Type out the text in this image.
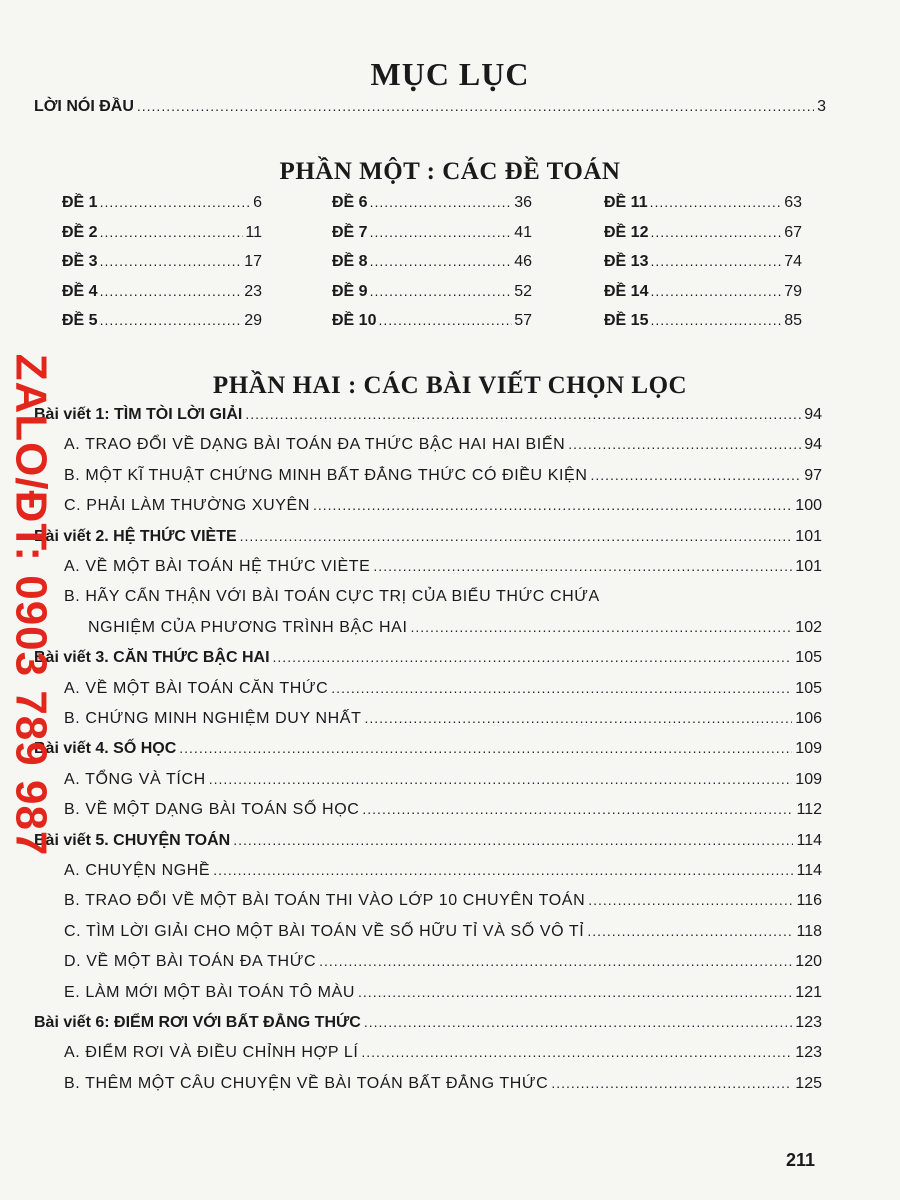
MỤC LỤC
LỜI NÓI ĐẦU .....	3
PHẦN MỘT : CÁC ĐỀ TOÁN
ĐỀ 1 .....	6
ĐỀ 2 .....	11
ĐỀ 3 .....	17
ĐỀ 4 .....	23
ĐỀ 5 .....	29
ĐỀ 6 .....	36
ĐỀ 7 .....	41
ĐỀ 8 .....	46
ĐỀ 9 .....	52
ĐỀ 10 .....	57
ĐỀ 11 .....	63
ĐỀ 12 .....	67
ĐỀ 13 .....	74
ĐỀ 14 .....	79
ĐỀ 15 .....	85
PHẦN HAI : CÁC BÀI VIẾT CHỌN LỌC
Bài viết 1: TÌM TÒI LỜI GIẢI .....	94
A. TRAO ĐỔI VỀ DẠNG BÀI TOÁN ĐA THỨC BẬC HAI HAI BIẾN .....	94
B. MỘT KĨ THUẬT CHỨNG MINH BẤT ĐẲNG THỨC CÓ ĐIỀU KIỆN .....	97
C. PHẢI LÀM THƯỜNG XUYÊN .....	100
Bài viết 2. HỆ THỨC VIÈTE .....	101
A. VỀ MỘT BÀI TOÁN HỆ THỨC VIÈTE .....	101
B. HÃY CẨN THẬN VỚI BÀI TOÁN CỰC TRỊ CỦA BIỂU THỨC CHỨA
NGHIỆM CỦA PHƯƠNG TRÌNH BẬC HAI .....	102
Bài viết 3. CĂN THỨC BẬC HAI .....	105
A. VỀ MỘT BÀI TOÁN CĂN THỨC .....	105
B. CHỨNG MINH NGHIỆM DUY NHẤT .....	106
Bài viết 4. SỐ HỌC .....	109
A. TỔNG VÀ TÍCH .....	109
B. VỀ MỘT DẠNG BÀI TOÁN SỐ HỌC .....	112
Bài viết 5. CHUYỆN TOÁN .....	114
A. CHUYỆN NGHỀ .....	114
B. TRAO ĐỔI VỀ MỘT BÀI TOÁN THI VÀO LỚP 10 CHUYÊN TOÁN .....	116
C. TÌM LỜI GIẢI CHO MỘT BÀI TOÁN VỀ SỐ HỮU TỈ VÀ SỐ VÔ TỈ .....	118
D. VỀ MỘT BÀI TOÁN ĐA THỨC .....	120
E. LÀM MỚI MỘT BÀI TOÁN TÔ MÀU .....	121
Bài viết 6: ĐIỂM RƠI VỚI BẤT ĐẲNG THỨC .....	123
A. ĐIỂM RƠI VÀ ĐIỀU CHỈNH HỢP LÍ .....	123
B. THÊM MỘT CÂU CHUYỆN VỀ BÀI TOÁN BẤT ĐẲNG THỨC .....	125
ZALO/ĐT: 0903 789 987
211
